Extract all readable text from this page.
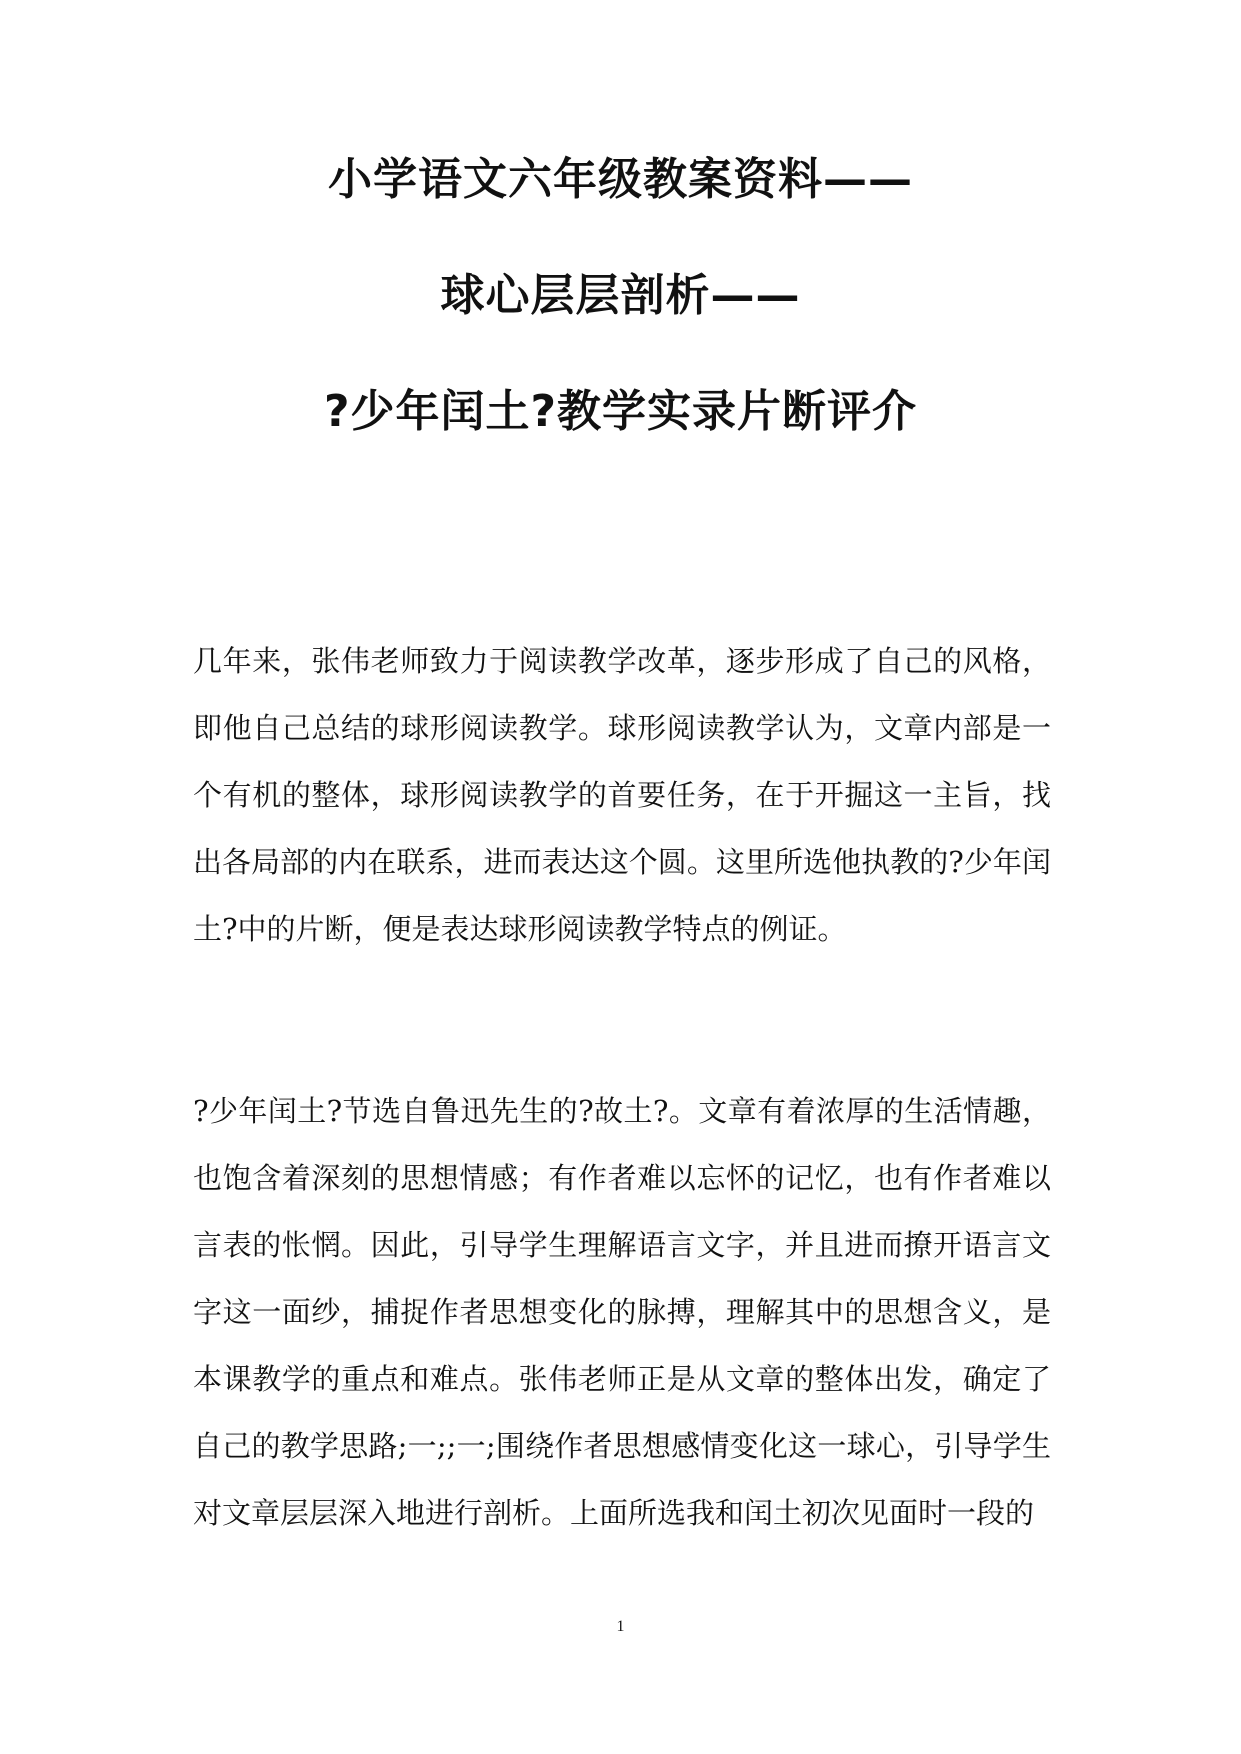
小学语文六年级教案资料——
球心层层剖析——
?少年闰土?教学实录片断评介

几年来，张伟老师致力于阅读教学改革，逐步形成了自己的风格，即他自己总结的球形阅读教学。球形阅读教学认为，文章内部是一个有机的整体，球形阅读教学的首要任务，在于开掘这一主旨，找出各局部的内在联系，进而表达这个圆。这里所选他执教的?少年闰土?中的片断，便是表达球形阅读教学特点的例证。

?少年闰土?节选自鲁迅先生的?故土?。文章有着浓厚的生活情趣，也饱含着深刻的思想情感；有作者难以忘怀的记忆，也有作者难以言表的怅惘。因此，引导学生理解语言文字，并且进而撩开语言文字这一面纱，捕捉作者思想变化的脉搏，理解其中的思想含义，是本课教学的重点和难点。张伟老师正是从文章的整体出发，确定了自己的教学思路;一;;一;围绕作者思想感情变化这一球心，引导学生对文章层层深入地进行剖析。上面所选我和闰土初次见面时一段的

1
